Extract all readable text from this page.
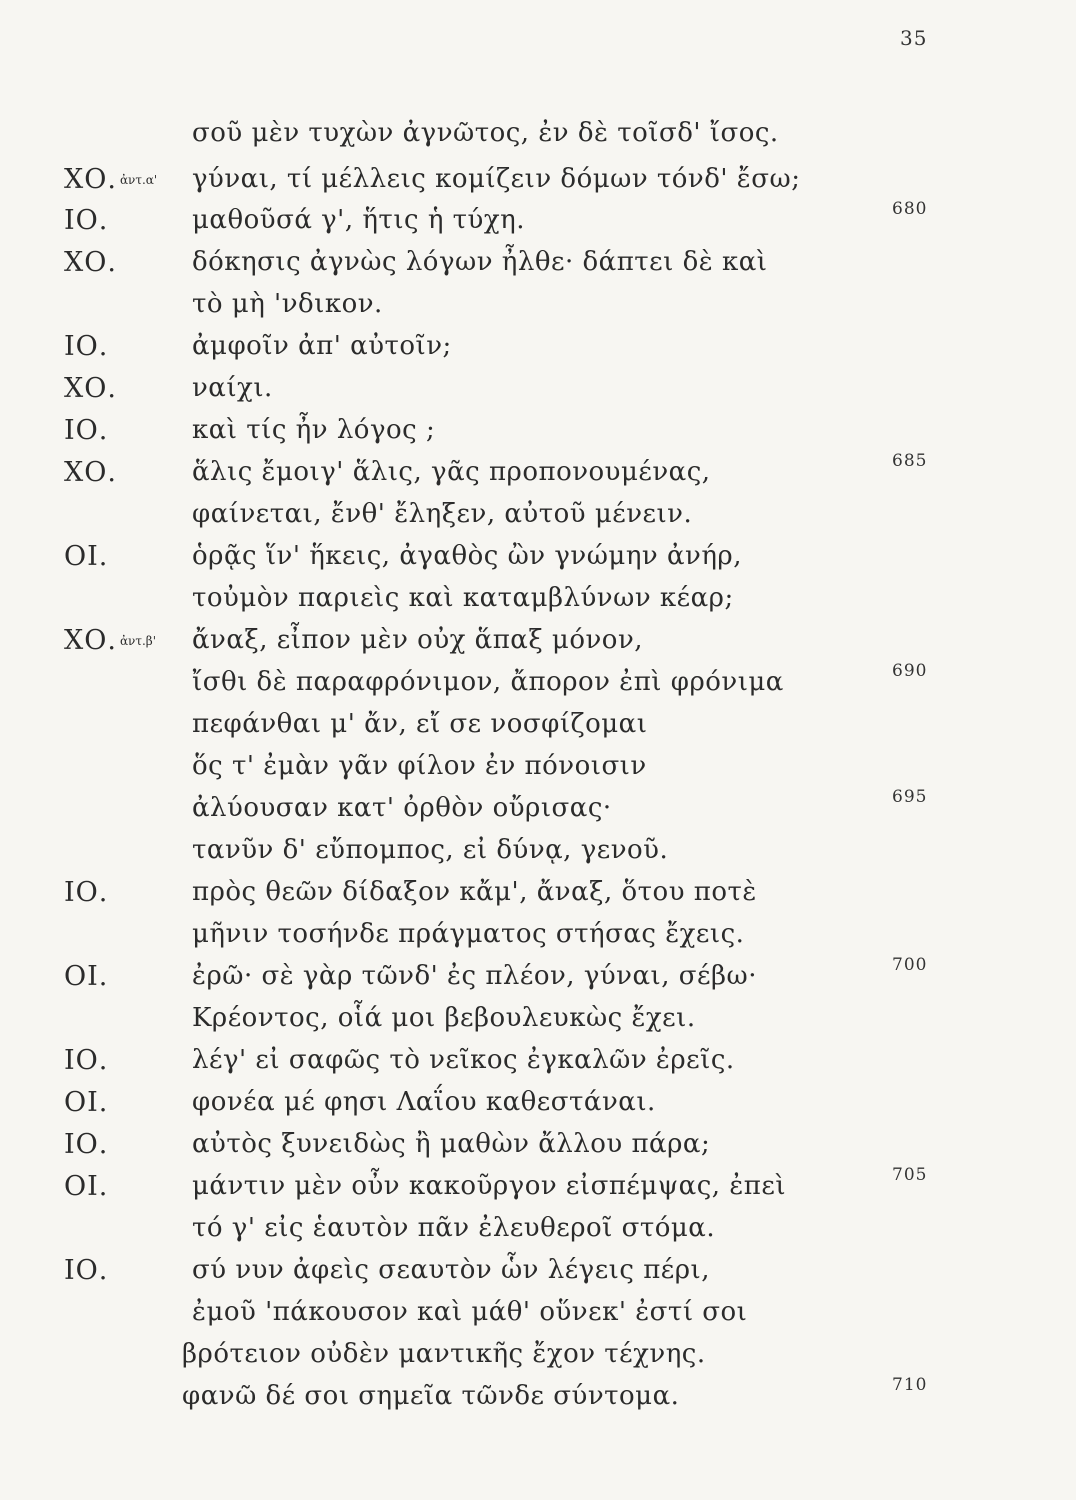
35
σοῦ μὲν τυχὼν ἀγνῶτος, ἐν δὲ τοῖσδ' ἴσος.
ΧΟ. $^{ἀ\nu\tau.\alpha'}$ γύναι, τί μέλλεις κομίζειν δόμων τόνδ' ἔσω;
ΙΟ.	μαθοῦσά γ', ἥτις ἡ τύχη.	680
ΧΟ.	δόκησις ἀγνὼς λόγων ἦλθε· δάπτει δὲ καὶ
τὸ μὴ 'νδικον.
ΙΟ.	ἀμφοῖν ἀπ' αὐτοῖν;
ΧΟ.	ναίχι.
ΙΟ.	καὶ τίς ἦν λόγος ;
ΧΟ.	ἅλις ἔμοιγ' ἅλις, γᾶς προπονουμένας,	685
φαίνεται, ἔνθ' ἔληξεν, αὐτοῦ μένειν.
ΟΙ.	ὁρᾷς ἵν' ἥκεις, ἀγαθὸς ὢν γνώμην ἀνήρ,
τοὐμὸν παριεὶς καὶ καταμβλύνων κέαρ;
ΧΟ. $^{ἀ\nu\tau.\beta'}$ ἄναξ, εἶπον μὲν οὐχ ἅπαξ μόνον,
ἴσθι δὲ παραφρόνιμον, ἄπορον ἐπὶ φρόνιμα	690
πεφάνθαι μ' ἄν, εἴ σε νοσφίζομαι
ὅς τ' ἐμὰν γᾶν φίλον ἐν πόνοισιν
ἀλύουσαν κατ' ὀρθὸν οὔρισας·	695
τανῦν δ' εὔπομπος, εἰ δύνᾳ, γενοῦ.
ΙΟ.	πρὸς θεῶν δίδαξον κἄμ', ἄναξ, ὅτου ποτὲ
μῆνιν τοσήνδε πράγματος στήσας ἔχεις.
ΟΙ.	ἐρῶ· σὲ γὰρ τῶνδ' ἐς πλέον, γύναι, σέβω·	700
Κρέοντος, οἷά μοι βεβουλευκὼς ἔχει.
ΙΟ.	λέγ' εἰ σαφῶς τὸ νεῖκος ἐγκαλῶν ἐρεῖς.
ΟΙ.	φονέα μέ φησι Λαΐου καθεστάναι.
ΙΟ.	αὐτὸς ξυνειδὼς ἢ μαθὼν ἄλλου πάρα;
ΟΙ.	μάντιν μὲν οὖν κακοῦργον εἰσπέμψας, ἐπεὶ	705
τό γ' εἰς ἑαυτὸν πᾶν ἐλευθεροῖ στόμα.
ΙΟ.	σύ νυν ἀφεὶς σεαυτὸν ὧν λέγεις πέρι,
ἐμοῦ 'πάκουσον καὶ μάθ' οὕνεκ' ἐστί σοι
βρότειον οὐδὲν μαντικῆς ἔχον τέχνης.
φανῶ δέ σοι σημεῖα τῶνδε σύντομα.	710
